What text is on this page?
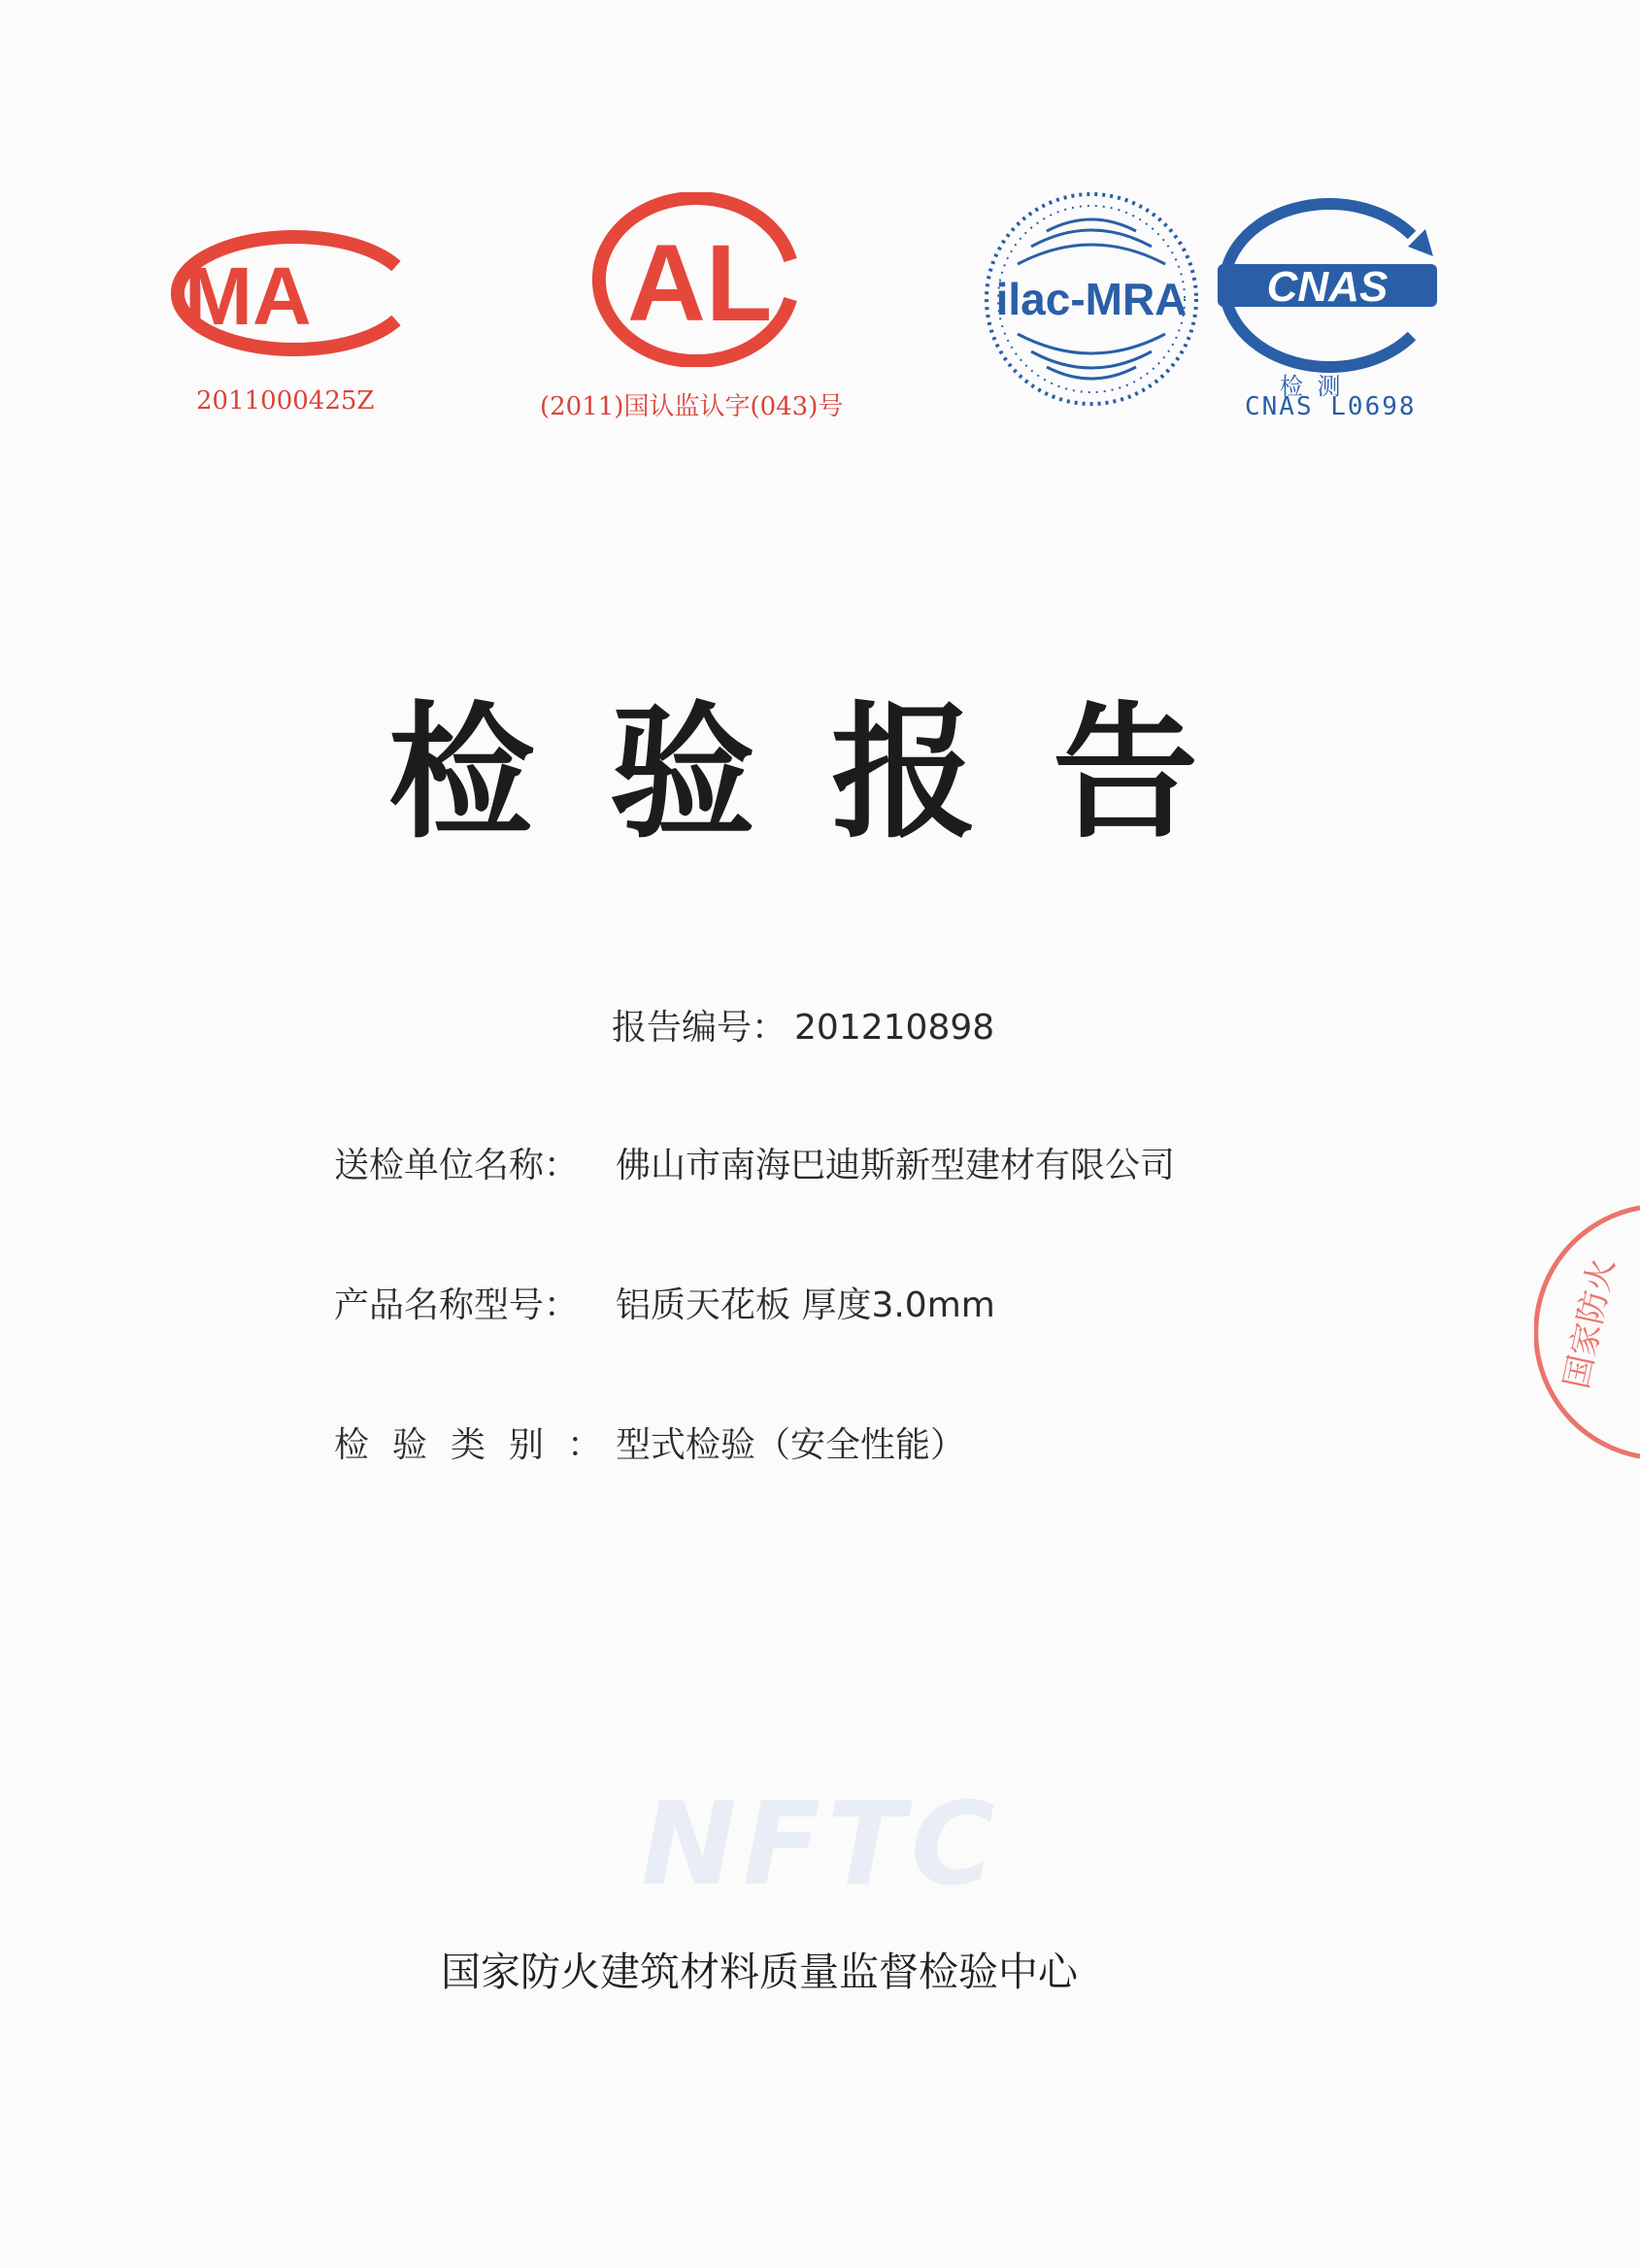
MA
2011000425Z
AL
(2011)国认监认字(043)号
ilac-MRA CNAS
检 测
CNAS L0698
检验报告
报告编号： 201210898
送检单位名称： 佛山市南海巴迪斯新型建材有限公司
产品名称型号： 铝质天花板 厚度3.0mm
检验类别：型式检验（安全性能）
NFTC
国家防火建筑材料质量监督检验中心
国家防火
